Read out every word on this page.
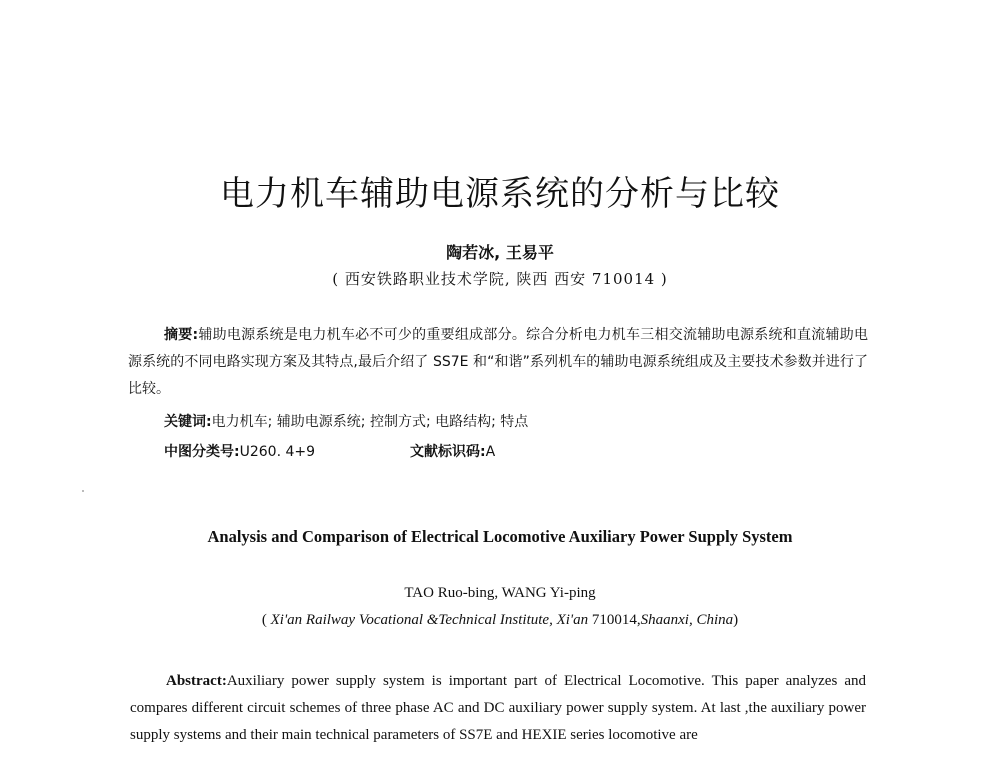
电力机车辅助电源系统的分析与比较
陶若冰, 王易平
( 西安铁路职业技术学院, 陕西 西安 710014 )

摘要:辅助电源系统是电力机车必不可少的重要组成部分。综合分析电力机车三相交流辅助电源系统和直流辅助电源系统的不同电路实现方案及其特点,最后介绍了 SS7E 和“和谐”系列机车的辅助电源系统组成及主要技术参数并进行了比较。

关键词:电力机车; 辅助电源系统; 控制方式; 电路结构; 特点
中图分类号:U260. 4+9	文献标识码:A
Analysis and Comparison of Electrical Locomotive Auxiliary Power Supply System
TAO Ruo-bing, WANG Yi-ping
( Xi'an Railway Vocational &Technical Institute, Xi'an 710014,Shaanxi, China)

Abstract:Auxiliary power supply system is important part of Electrical Locomotive. This paper analyzes and compares different circuit schemes of three phase AC and DC auxiliary power supply system. At last ,the auxiliary power supply systems and their main technical parameters of SS7E and HEXIE series locomotive are
